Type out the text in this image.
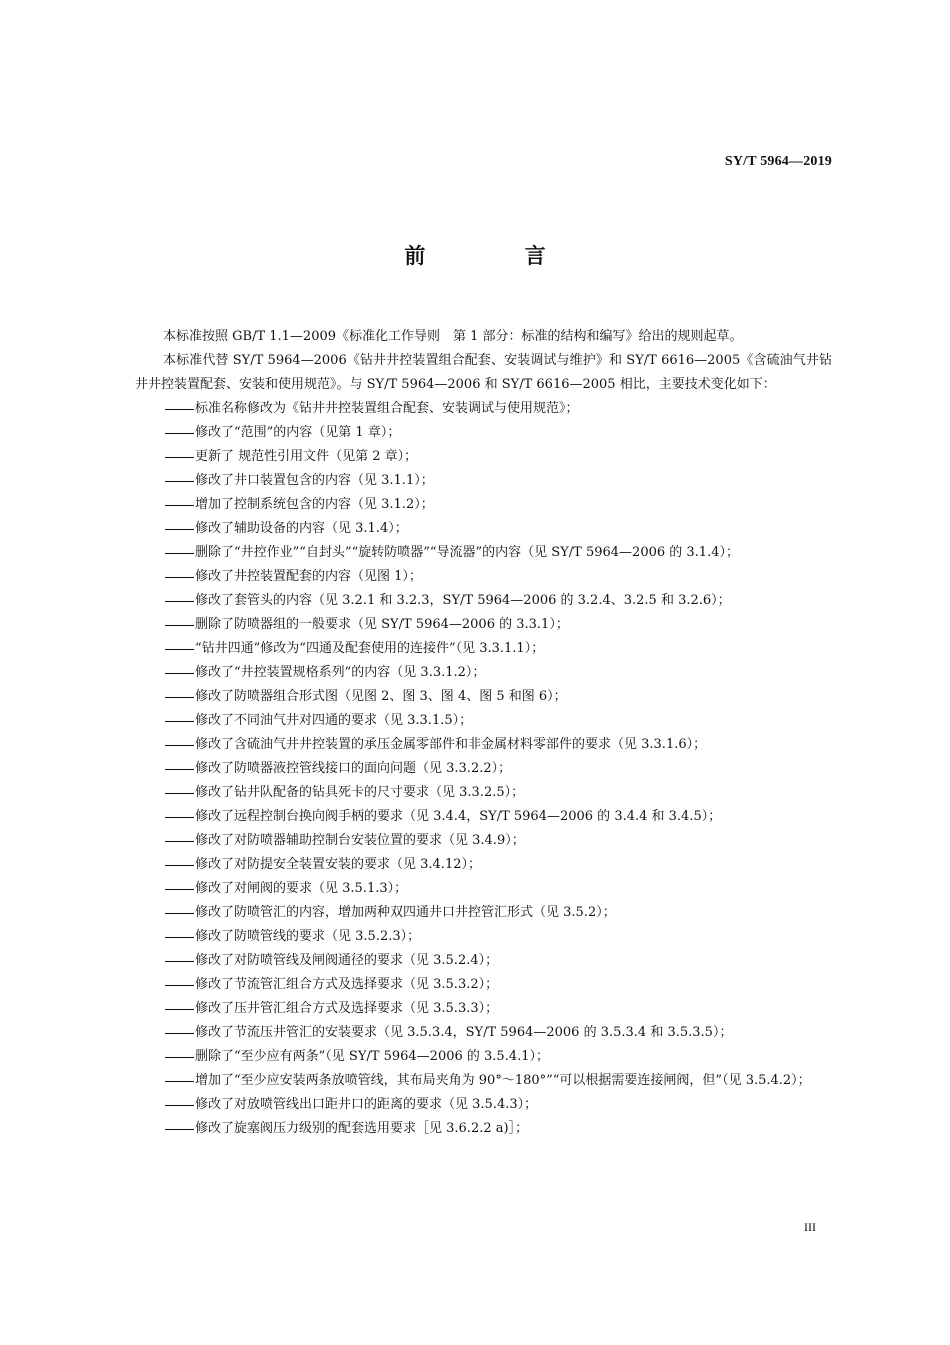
SY/T 5964—2019
前 言

本标准按照 GB/T 1.1—2009《标准化工作导则　第 1 部分：标准的结构和编写》给出的规则起草。

本标准代替 SY/T 5964—2006《钻井井控装置组合配套、安装调试与维护》和 SY/T 6616—2005《含硫油气井钻井井控装置配套、安装和使用规范》。与 SY/T 5964—2006 和 SY/T 6616—2005 相比，主要技术变化如下：

标准名称修改为《钻井井控装置组合配套、安装调试与使用规范》；
修改了“范围”的内容（见第 1 章）；
更新了 规范性引用文件（见第 2 章）；
修改了井口装置包含的内容（见 3.1.1）；
增加了控制系统包含的内容（见 3.1.2）；
修改了辅助设备的内容（见 3.1.4）；
删除了“井控作业”“自封头”“旋转防喷器”“导流器”的内容（见 SY/T 5964—2006 的 3.1.4）；
修改了井控装置配套的内容（见图 1）；
修改了套管头的内容（见 3.2.1 和 3.2.3，SY/T 5964—2006 的 3.2.4、3.2.5 和 3.2.6）；
删除了防喷器组的一般要求（见 SY/T 5964—2006 的 3.3.1）；
“钻井四通”修改为“四通及配套使用的连接件”（见 3.3.1.1）；
修改了“井控装置规格系列”的内容（见 3.3.1.2）；
修改了防喷器组合形式图（见图 2、图 3、图 4、图 5 和图 6）；
修改了不同油气井对四通的要求（见 3.3.1.5）；
修改了含硫油气井井控装置的承压金属零部件和非金属材料零部件的要求（见 3.3.1.6）；
修改了防喷器液控管线接口的面向问题（见 3.3.2.2）；
修改了钻井队配备的钻具死卡的尺寸要求（见 3.3.2.5）；
修改了远程控制台换向阀手柄的要求（见 3.4.4，SY/T 5964—2006 的 3.4.4 和 3.4.5）；
修改了对防喷器辅助控制台安装位置的要求（见 3.4.9）；
修改了对防提安全装置安装的要求（见 3.4.12）；
修改了对闸阀的要求（见 3.5.1.3）；
修改了防喷管汇的内容，增加两种双四通井口井控管汇形式（见 3.5.2）；
修改了防喷管线的要求（见 3.5.2.3）；
修改了对防喷管线及闸阀通径的要求（见 3.5.2.4）；
修改了节流管汇组合方式及选择要求（见 3.5.3.2）；
修改了压井管汇组合方式及选择要求（见 3.5.3.3）；
修改了节流压井管汇的安装要求（见 3.5.3.4，SY/T 5964—2006 的 3.5.3.4 和 3.5.3.5）；
删除了“至少应有两条”（见 SY/T 5964—2006 的 3.5.4.1）；
增加了“至少应安装两条放喷管线，其布局夹角为 90°～180°”“可以根据需要连接闸阀，但”（见 3.5.4.2）；
修改了对放喷管线出口距井口的距离的要求（见 3.5.4.3）；
修改了旋塞阀压力级别的配套选用要求［见 3.6.2.2 a)］；
III
